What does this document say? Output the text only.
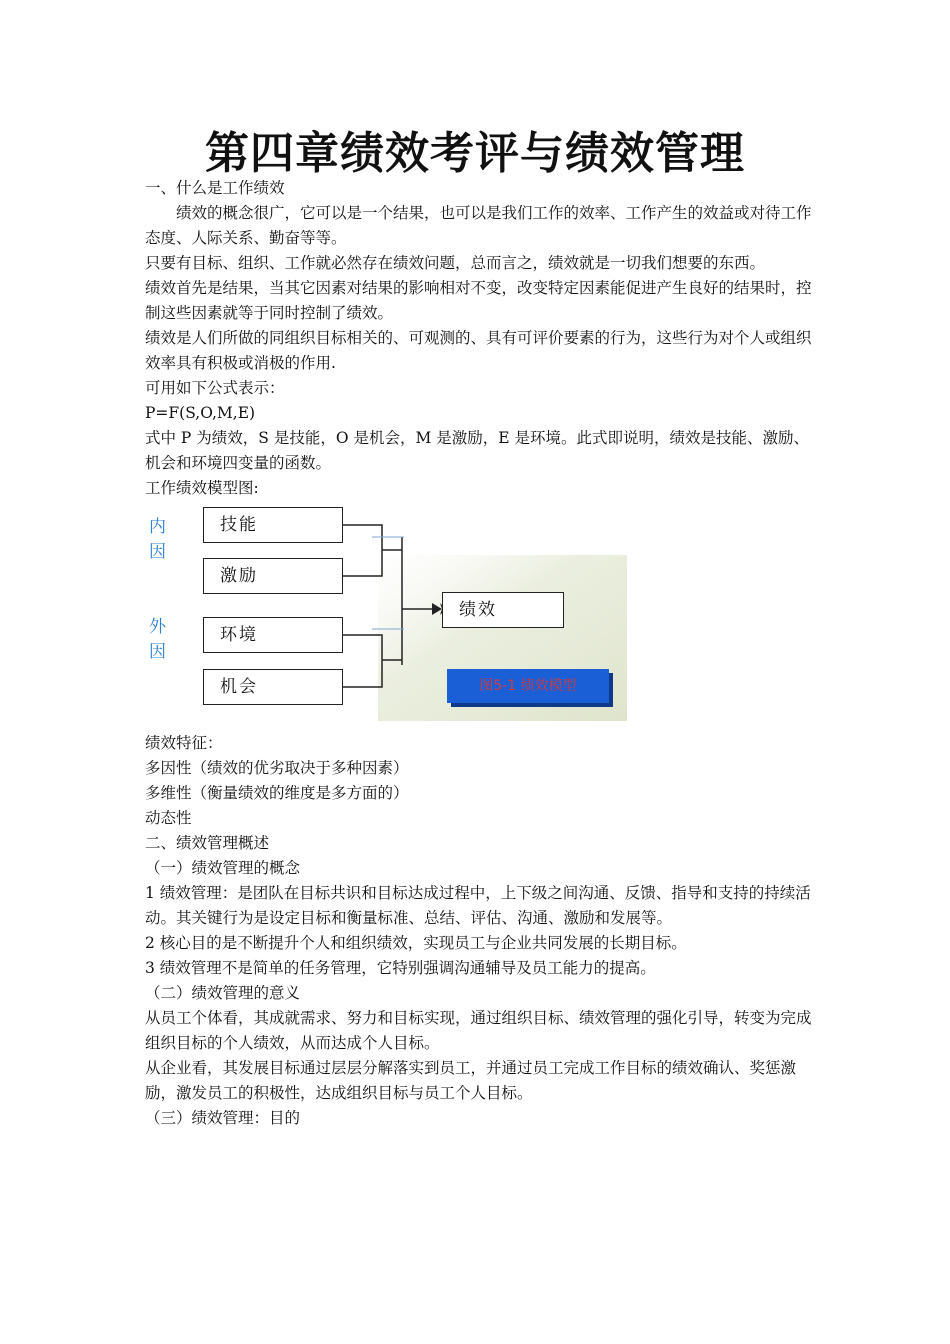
第四章绩效考评与绩效管理

一、什么是工作绩效

绩效的概念很广，它可以是一个结果，也可以是我们工作的效率、工作产生的效益或对待工作态度、人际关系、勤奋等等。

只要有目标、组织、工作就必然存在绩效问题，总而言之，绩效就是一切我们想要的东西。

绩效首先是结果，当其它因素对结果的影响相对不变，改变特定因素能促进产生良好的结果时，控制这些因素就等于同时控制了绩效。

绩效是人们所做的同组织目标相关的、可观测的、具有可评价要素的行为，这些行为对个人或组织效率具有积极或消极的作用.

可用如下公式表示：

P=F(S,O,M,E)

式中 P 为绩效，S 是技能，O 是机会，M 是激励，E 是环境。此式即说明，绩效是技能、激励、机会和环境四变量的函数。

工作绩效模型图:

内因
外因
技能
激励
环境
机会
绩效
图5-1 绩效模型

绩效特征：

多因性（绩效的优劣取决于多种因素）

多维性（衡量绩效的维度是多方面的）

动态性

二、绩效管理概述

（一）绩效管理的概念

1 绩效管理：是团队在目标共识和目标达成过程中，上下级之间沟通、反馈、指导和支持的持续活动。其关键行为是设定目标和衡量标准、总结、评估、沟通、激励和发展等。

2 核心目的是不断提升个人和组织绩效，实现员工与企业共同发展的长期目标。

3 绩效管理不是简单的任务管理，它特别强调沟通辅导及员工能力的提高。

（二）绩效管理的意义

从员工个体看，其成就需求、努力和目标实现，通过组织目标、绩效管理的强化引导，转变为完成组织目标的个人绩效，从而达成个人目标。

从企业看，其发展目标通过层层分解落实到员工，并通过员工完成工作目标的绩效确认、奖惩激励，激发员工的积极性，达成组织目标与员工个人目标。

（三）绩效管理：目的
